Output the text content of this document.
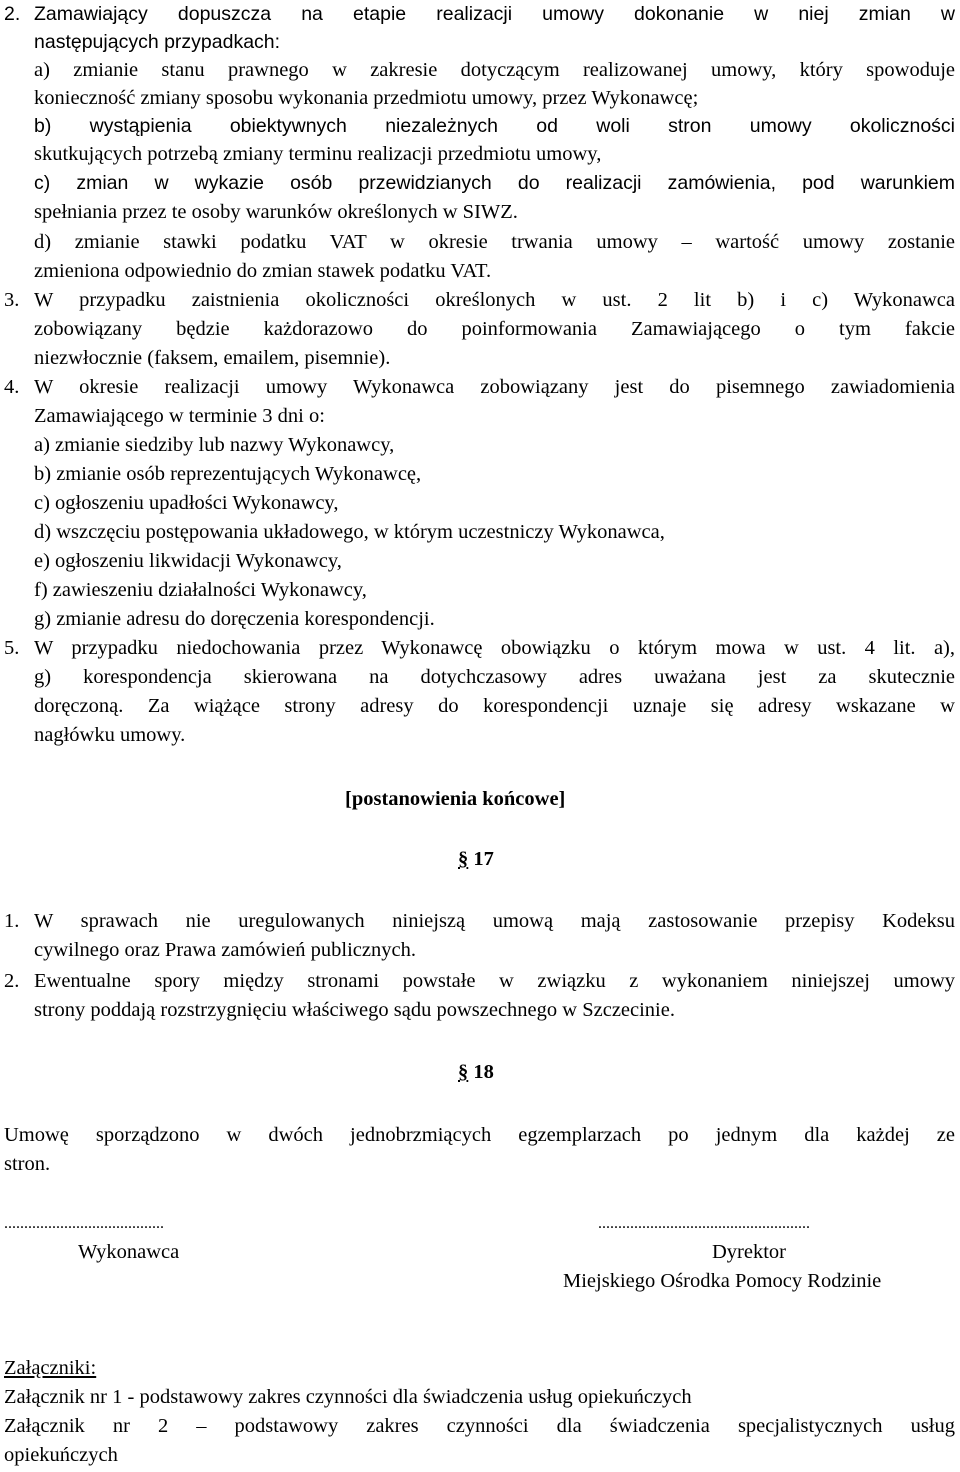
2. Zamawiający dopuszcza na etapie realizacji umowy dokonanie w niej zmian w
następujących przypadkach:
a) zmianie stanu prawnego w zakresie dotyczącym realizowanej umowy, który spowoduje
konieczność zmiany sposobu wykonania przedmiotu umowy, przez Wykonawcę;
b) wystąpienia obiektywnych niezależnych od woli stron umowy okoliczności
skutkujących potrzebą zmiany terminu realizacji przedmiotu umowy,
c) zmian w wykazie osób przewidzianych do realizacji zamówienia, pod warunkiem
spełniania przez te osoby warunków określonych w SIWZ.
d) zmianie stawki podatku VAT w okresie trwania umowy – wartość umowy zostanie
zmieniona odpowiednio do zmian stawek podatku VAT.
3. W przypadku zaistnienia okoliczności określonych w ust. 2 lit b) i c) Wykonawca
zobowiązany będzie każdorazowo do poinformowania Zamawiającego o tym fakcie
niezwłocznie (faksem, emailem, pisemnie).
4. W okresie realizacji umowy Wykonawca zobowiązany jest do pisemnego zawiadomienia
Zamawiającego w terminie 3 dni o:
a) zmianie siedziby lub nazwy Wykonawcy,
b) zmianie osób reprezentujących Wykonawcę,
c) ogłoszeniu upadłości Wykonawcy,
d) wszczęciu postępowania układowego, w którym uczestniczy Wykonawca,
e) ogłoszeniu likwidacji Wykonawcy,
f) zawieszeniu działalności Wykonawcy,
g) zmianie adresu do doręczenia korespondencji.
5. W przypadku niedochowania przez Wykonawcę obowiązku o którym mowa w ust. 4 lit. a),
g) korespondencja skierowana na dotychczasowy adres uważana jest za skutecznie
doręczoną. Za wiążące strony adresy do korespondencji uznaje się adresy wskazane w
nagłówku umowy.
[postanowienia końcowe]
§ 17
1. W sprawach nie uregulowanych niniejszą umową mają zastosowanie przepisy Kodeksu
cywilnego oraz Prawa zamówień publicznych.
2. Ewentualne spory między stronami powstałe w związku z wykonaniem niniejszej umowy
strony poddają rozstrzygnięciu właściwego sądu powszechnego w Szczecinie.
§ 18
Umowę sporządzono w dwóch jednobrzmiących egzemplarzach po jednym dla każdej ze
stron.
........................................	.....................................................
Wykonawca	Dyrektor
Miejskiego Ośrodka Pomocy Rodzinie
Załączniki:
Załącznik nr 1 - podstawowy zakres czynności dla świadczenia usług opiekuńczych
Załącznik nr 2 – podstawowy zakres czynności dla świadczenia specjalistycznych usług
opiekuńczych
